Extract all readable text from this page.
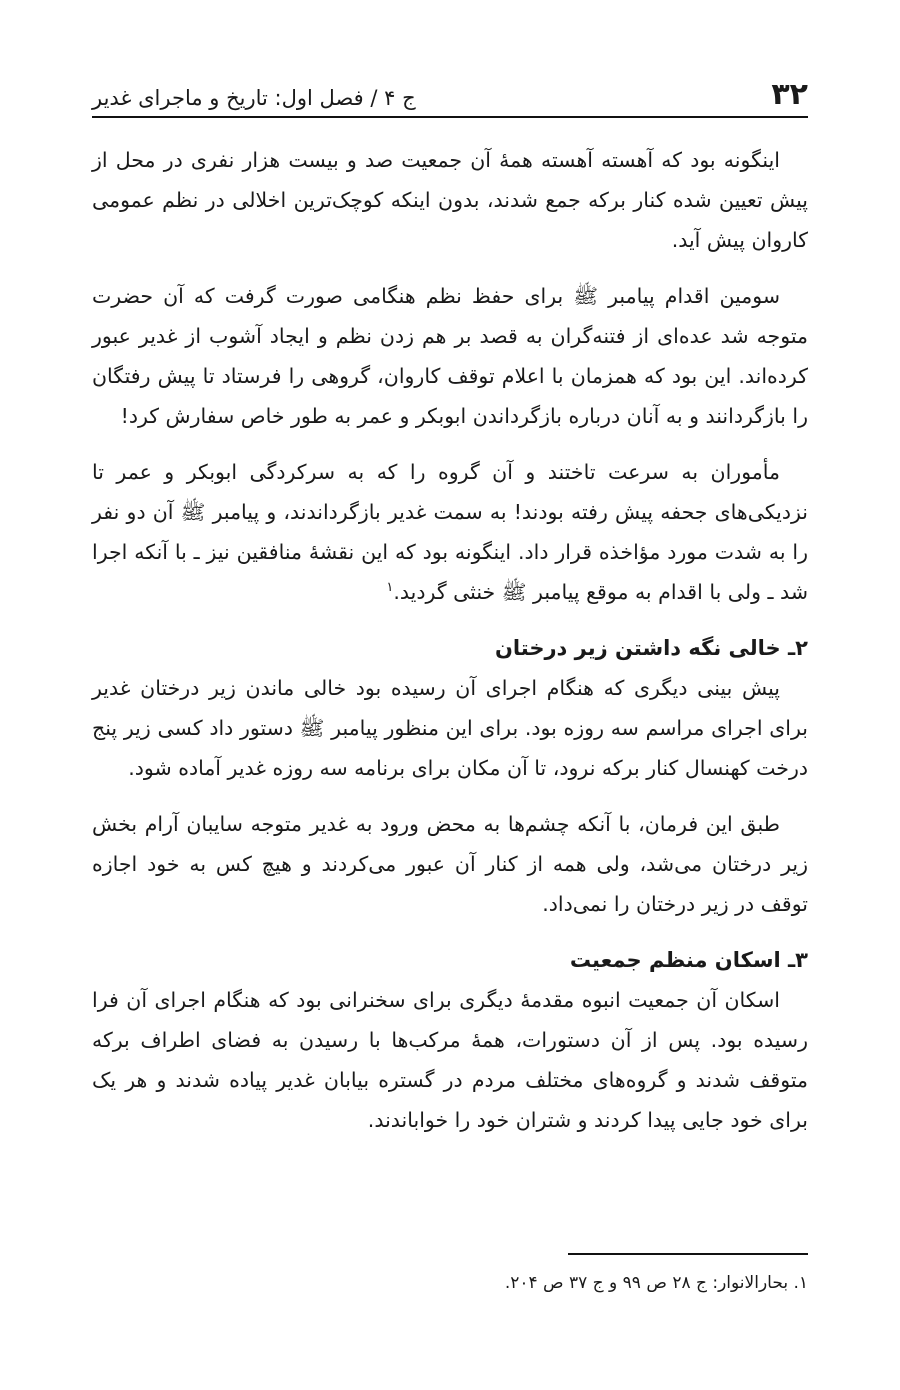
۳۲
ج ۴ / فصل اول: تاریخ و ماجرای غدیر

اینگونه بود که آهسته آهسته همهٔ آن جمعیت صد و بیست هزار نفری در محل از پیش تعیین شده کنار برکه جمع شدند، بدون اینکه کوچک‌ترین اخلالی در نظم عمومی کاروان پیش آید.

سومین اقدام پیامبر ﷺ برای حفظ نظم هنگامی صورت گرفت که آن حضرت متوجه شد عده‌ای از فتنه‌گران به قصد بر هم زدن نظم و ایجاد آشوب از غدیر عبور کرده‌اند. این بود که همزمان با اعلام توقف کاروان، گروهی را فرستاد تا پیش رفتگان را بازگردانند و به آنان درباره بازگرداندن ابوبکر و عمر به طور خاص سفارش کرد!

مأموران به سرعت تاختند و آن گروه را که به سرکردگی ابوبکر و عمر تا نزدیکی‌های جحفه پیش رفته بودند! به سمت غدیر بازگرداندند، و پیامبر ﷺ آن دو نفر را به شدت مورد مؤاخذه قرار داد. اینگونه بود که این نقشهٔ منافقین نیز ـ با آنکه اجرا شد ـ ولی با اقدام به موقع پیامبر ﷺ خنثی گردید.$^۱$

۲ـ خالی نگه داشتن زیر درختان

پیش بینی دیگری که هنگام اجرای آن رسیده بود خالی ماندن زیر درختان غدیر برای اجرای مراسم سه روزه بود. برای این منظور پیامبر ﷺ دستور داد کسی زیر پنج درخت کهنسال کنار برکه نرود، تا آن مکان برای برنامه سه روزه غدیر آماده شود.

طبق این فرمان، با آنکه چشم‌ها به محض ورود به غدیر متوجه سایبان آرام بخش زیر درختان می‌شد، ولی همه از کنار آن عبور می‌کردند و هیچ کس به خود اجازه توقف در زیر درختان را نمی‌داد.

۳ـ اسکان منظم جمعیت

اسکان آن جمعیت انبوه مقدمهٔ دیگری برای سخنرانی بود که هنگام اجرای آن فرا رسیده بود. پس از آن دستورات، همهٔ مرکب‌ها با رسیدن به فضای اطراف برکه متوقف شدند و گروه‌های مختلف مردم در گستره بیابان غدیر پیاده شدند و هر یک برای خود جایی پیدا کردند و شتران خود را خواباندند.

۱. بحارالانوار: ج ۲۸ ص ۹۹ و ج ۳۷ ص ۲۰۴.
